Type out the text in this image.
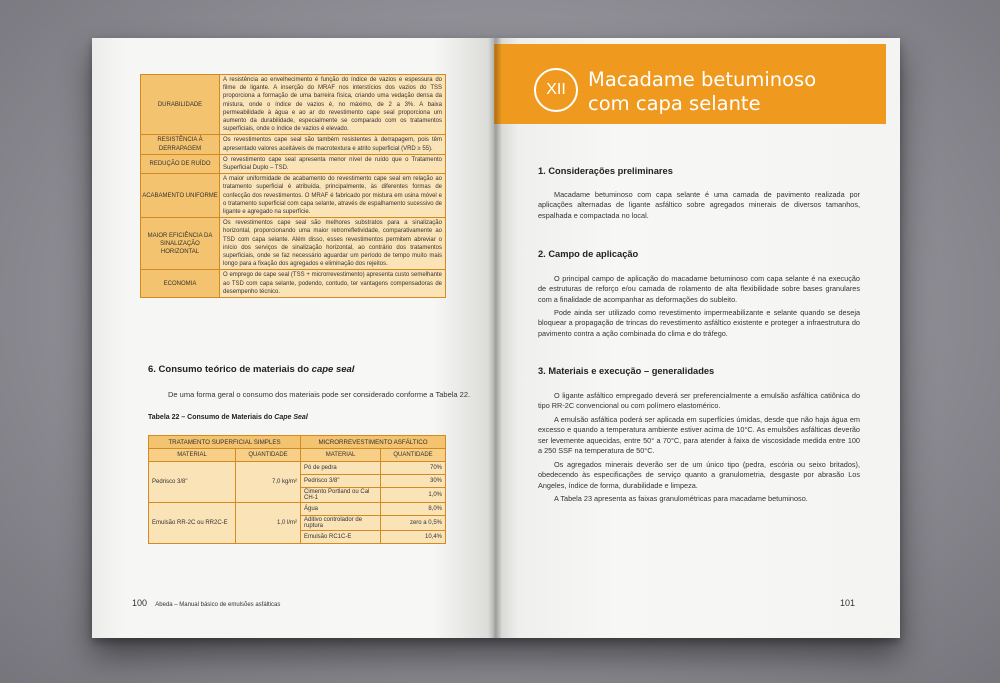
DURABILIDADE	A resistência ao envelhecimento é função do índice de vazios e espessura do filme de ligante. A inserção do MRAF nos interstícios dos vazios do TSS proporciona a formação de uma barreira física, criando uma vedação densa da mistura, onde o índice de vazios é, no máximo, de 2 a 3%. A baixa permeabilidade à água e ao ar do revestimento cape seal proporciona um aumento da durabilidade, especialmente se comparado com os tratamentos superficiais, onde o índice de vazios é elevado.
RESISTÊNCIA À DERRAPAGEM	Os revestimentos cape seal são também resistentes à derrapagem, pois têm apresentado valores aceitáveis de macrotextura e atrito superficial (VRD ≥ 55).
REDUÇÃO DE RUÍDO	O revestimento cape seal apresenta menor nível de ruído que o Tratamento Superficial Duplo – TSD.
ACABAMENTO UNIFORME	A maior uniformidade de acabamento do revestimento cape seal em relação ao tratamento superficial é atribuída, principalmente, às diferentes formas de confecção dos revestimentos. O MRAF é fabricado por mistura em usina móvel e o tratamento superficial com capa selante, através de espalhamento sucessivo de ligante e agregado na superfície.
MAIOR EFICIÊNCIA DA SINALIZAÇÃO HORIZONTAL	Os revestimentos cape seal são melhores substratos para a sinalização horizontal, proporcionando uma maior retrorrefletividade, comparativamente ao TSD com capa selante. Além disso, esses revestimentos permitem abreviar o início dos serviços de sinalização horizontal, ao contrário dos tratamentos superficiais, onde se faz necessário aguardar um período de tempo muito mais longo para a fixação dos agregados e eliminação dos rejeitos.
ECONOMIA	O emprego de cape seal (TSS + microrrevestimento) apresenta custo semelhante ao TSD com capa selante, podendo, contudo, ter vantagens compensadoras de desempenho técnico.
6. Consumo teórico de materiais do cape seal
De uma forma geral o consumo dos materiais pode ser considerado conforme a Tabela 22.
Tabela 22 – Consumo de Materiais do Cape Seal
TRATAMENTO SUPERFICIAL SIMPLES		MICRORREVESTIMENTO ASFÁLTICO	
MATERIAL	QUANTIDADE	MATERIAL	QUANTIDADE
Pedrisco 3/8"	7,0 kg/m²	Pó de pedra	70%
		Pedrisco 3/8"	30%
		Cimento Portland ou Cal CH-1	1,0%
Emulsão RR-2C ou RR2C-E	1,0 l/m²	Água	8,0%
		Aditivo controlador de ruptura	zero a 0,5%
		Emulsão RC1C-E	10,4%
100 Abeda – Manual básico de emulsões asfálticas
XII	Macadame betuminoso
com capa selante
1. Considerações preliminares
Macadame betuminoso com capa selante é uma camada de pavimento realizada por aplicações alternadas de ligante asfáltico sobre agregados minerais de diversos tamanhos, espalhada e compactada no local.
2. Campo de aplicação
O principal campo de aplicação do macadame betuminoso com capa selante é na execução de estruturas de reforço e/ou camada de rolamento de alta flexibilidade sobre bases granulares com a finalidade de acompanhar as deformações do subleito.
Pode ainda ser utilizado como revestimento impermeabilizante e selante quando se deseja bloquear a propagação de trincas do revestimento asfáltico existente e proteger a infraestrutura do pavimento contra a ação combinada do clima e do tráfego.
3. Materiais e execução – generalidades
O ligante asfáltico empregado deverá ser preferencialmente a emulsão asfáltica catiônica do tipo RR-2C convencional ou com polímero elastomérico.
A emulsão asfáltica poderá ser aplicada em superfícies úmidas, desde que não haja água em excesso e quando a temperatura ambiente estiver acima de 10°C. As emulsões asfálticas deverão ser levemente aquecidas, entre 50° a 70°C, para atender à faixa de viscosidade medida entre 100 a 250 SSF na temperatura de 50°C.
Os agregados minerais deverão ser de um único tipo (pedra, escória ou seixo britados), obedecendo às especificações de serviço quanto a granulometria, desgaste por abrasão Los Angeles, índice de forma, durabilidade e limpeza.
A Tabela 23 apresenta as faixas granulométricas para macadame betuminoso.
101
